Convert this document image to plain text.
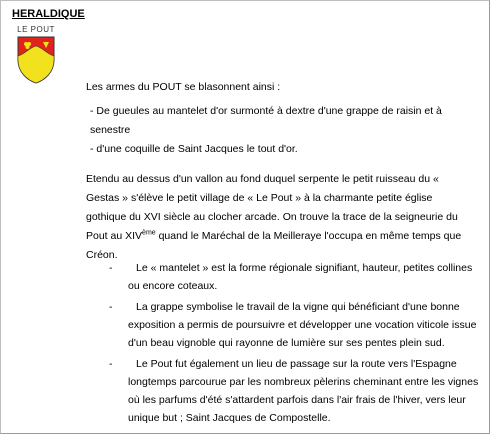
HERALDIQUE
LE POUT
Les armes du POUT se blasonnent ainsi :
- De gueules au mantelet d'or surmonté à dextre d'une grappe de raisin et à senestre
- d'une coquille de Saint Jacques le tout d'or.
Etendu au dessus d'un vallon au fond duquel serpente le petit ruisseau du « Gestas » s'élève le petit village de « Le Pout » à la charmante petite église gothique du XVI siècle au clocher arcade. On trouve la trace de la seigneurie du Pout au XIVème quand le Maréchal de la Meilleraye l'occupa en même temps que Créon.
-	Le « mantelet » est la forme régionale signifiant, hauteur, petites collines ou encore coteaux.
-	La grappe symbolise le travail de la vigne qui bénéficiant d'une bonne exposition a permis de poursuivre et développer une vocation viticole issue d'un beau vignoble qui rayonne de lumière sur ses pentes plein sud.
-	Le Pout fut également un lieu de passage sur la route vers l'Espagne longtemps parcourue par les nombreux pèlerins cheminant entre les vignes où les parfums d'été s'attardent parfois dans l'air frais de l'hiver, vers leur unique but ; Saint Jacques de Compostelle.
